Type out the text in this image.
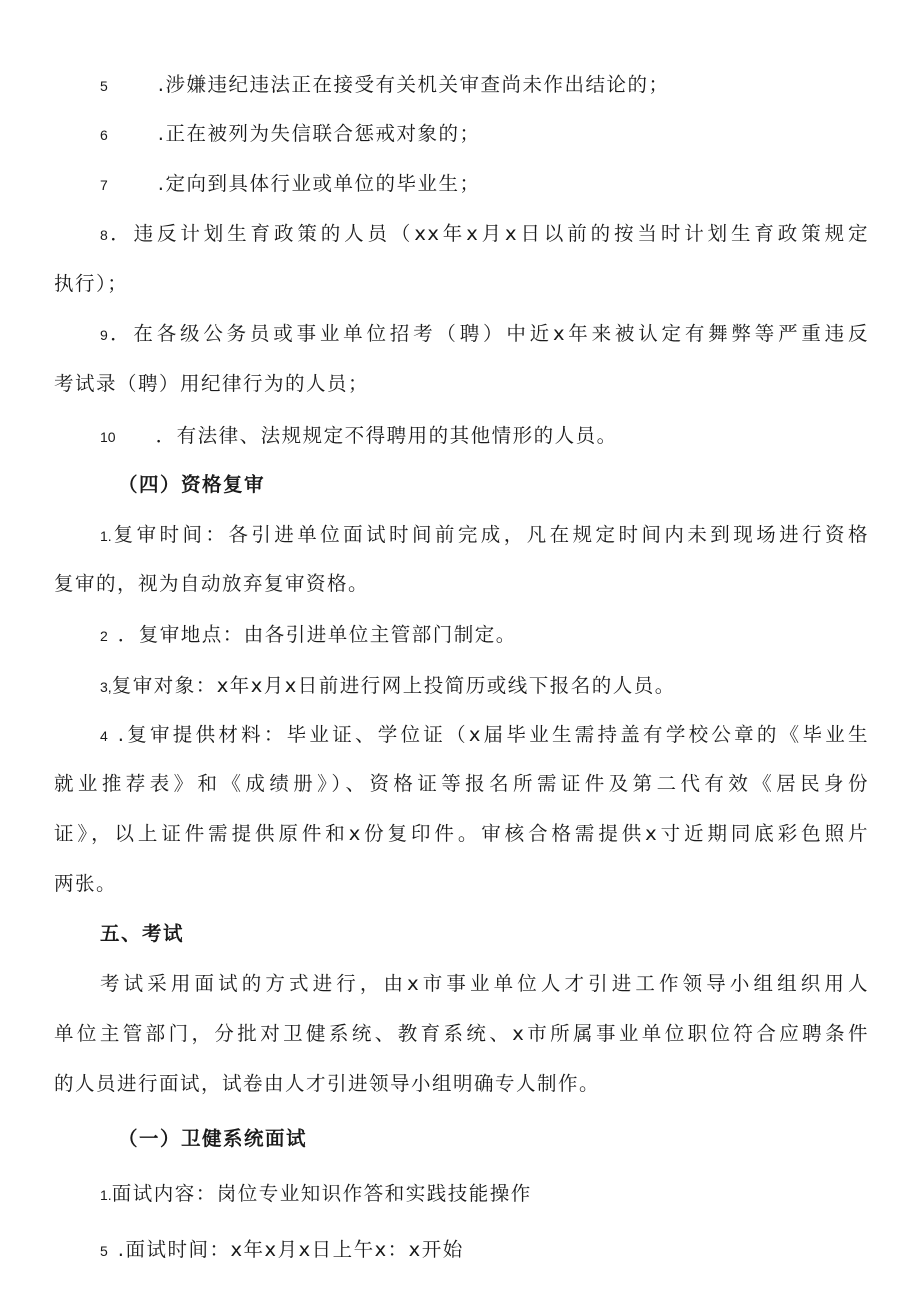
5	.涉嫌违纪违法正在接受有关机关审查尚未作出结论的；
6	.正在被列为失信联合惩戒对象的；
7	.定向到具体行业或单位的毕业生；
8．违反计划生育政策的人员（xx年x月x日以前的按当时计划生育政策规定
执行）；
9．在各级公务员或事业单位招考（聘）中近x年来被认定有舞弊等严重违反
考试录（聘）用纪律行为的人员；
10 ．有法律、法规规定不得聘用的其他情形的人员。
（四）资格复审
1.复审时间：各引进单位面试时间前完成，凡在规定时间内未到现场进行资格
复审的，视为自动放弃复审资格。
2 ．复审地点：由各引进单位主管部门制定。
3,复审对象：x年x月x日前进行网上投简历或线下报名的人员。
4 .复审提供材料：毕业证、学位证（x届毕业生需持盖有学校公章的《毕业生
就业推荐表》和《成绩册》）、资格证等报名所需证件及第二代有效《居民身份
证》，以上证件需提供原件和x份复印件。审核合格需提供x寸近期同底彩色照片
两张。
五、考试
考试采用面试的方式进行，由x市事业单位人才引进工作领导小组组织用人
单位主管部门，分批对卫健系统、教育系统、x市所属事业单位职位符合应聘条件
的人员进行面试，试卷由人才引进领导小组明确专人制作。
（一）卫健系统面试
1.面试内容：岗位专业知识作答和实践技能操作
5 .面试时间：x年x月x日上午x：x开始
